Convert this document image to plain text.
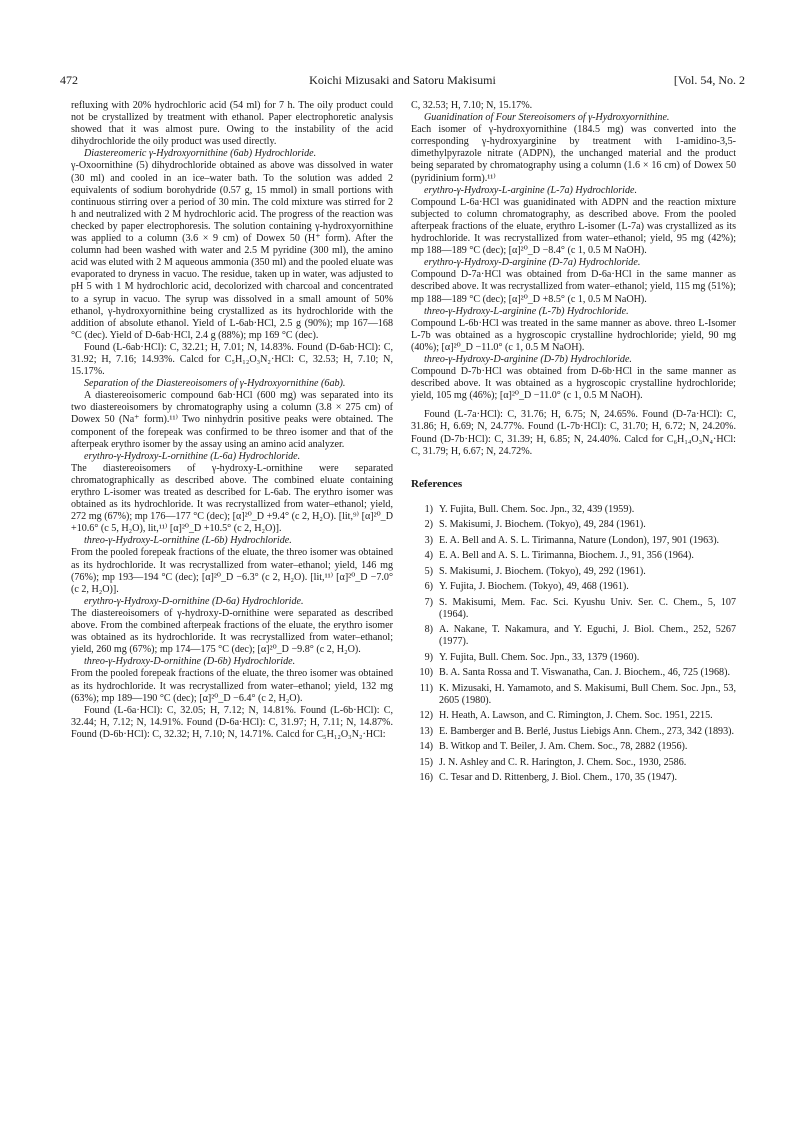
472	Koichi Mizusaki and Satoru Makisumi	[Vol. 54, No. 2

refluxing with 20% hydrochloric acid (54 ml) for 7 h. The oily product could not be crystallized by treatment with ethanol. Paper electrophoretic analysis showed that it was almost pure. Owing to the instability of the acid dihydrochloride the oily product was used directly.

Diastereomeric γ-Hydroxyornithine (6ab) Hydrochloride.

γ-Oxoornithine (5) dihydrochloride obtained as above was dissolved in water (30 ml) and cooled in an ice–water bath. To the solution was added 2 equivalents of sodium borohydride (0.57 g, 15 mmol) in small portions with continuous stirring over a period of 30 min. The cold mixture was stirred for 2 h and neutralized with 2 M hydrochloric acid. The progress of the reaction was checked by paper electrophoresis. The solution containing γ-hydroxyornithine was applied to a column (3.6 × 9 cm) of Dowex 50 (H⁺ form). After the column had been washed with water and 2.5 M pyridine (300 ml), the amino acid was eluted with 2 M aqueous ammonia (350 ml) and the pooled eluate was evaporated to dryness in vacuo. The residue, taken up in water, was adjusted to pH 5 with 1 M hydrochloric acid, decolorized with charcoal and concentrated to a syrup in vacuo. The syrup was dissolved in a small amount of 50% ethanol, γ-hydroxyornithine being crystallized as its hydrochloride with the addition of absolute ethanol. Yield of L-6ab·HCl, 2.5 g (90%); mp 167—168 °C (dec). Yield of D-6ab·HCl, 2.4 g (88%); mp 169 °C (dec).

Found (L-6ab·HCl): C, 32.21; H, 7.01; N, 14.83%. Found (D-6ab·HCl): C, 31.92; H, 7.16; 14.93%. Calcd for C₅H₁₂O₃N₂·HCl: C, 32.53; H, 7.10; N, 15.17%.

Separation of the Diastereoisomers of γ-Hydroxyornithine (6ab).

A diastereoisomeric compound 6ab·HCl (600 mg) was separated into its two diastereoisomers by chromatography using a column (3.8 × 275 cm) of Dowex 50 (Na⁺ form).¹¹⁾ Two ninhydrin positive peaks were obtained. The component of the forepeak was confirmed to be threo isomer and that of the afterpeak erythro isomer by the assay using an amino acid analyzer.

erythro-γ-Hydroxy-L-ornithine (L-6a) Hydrochloride.

The diastereoisomers of γ-hydroxy-L-ornithine were separated chromatographically as described above. The combined eluate containing erythro L-isomer was treated as described for L-6ab. The erythro isomer was obtained as its hydrochloride. It was recrystallized from water–ethanol; yield, 272 mg (67%); mp 176—177 °C (dec); [α]²⁰_D +9.4° (c 2, H₂O). [lit,⁹⁾ [α]²⁰_D +10.6° (c 5, H₂O), lit,¹¹⁾ [α]²⁰_D +10.5° (c 2, H₂O)].

threo-γ-Hydroxy-L-ornithine (L-6b) Hydrochloride.

From the pooled forepeak fractions of the eluate, the threo isomer was obtained as its hydrochloride. It was recrystallized from water–ethanol; yield, 146 mg (76%); mp 193—194 °C (dec); [α]²⁰_D −6.3° (c 2, H₂O). [lit,¹¹⁾ [α]²⁰_D −7.0° (c 2, H₂O)].

erythro-γ-Hydroxy-D-ornithine (D-6a) Hydrochloride.

The diastereoisomers of γ-hydroxy-D-ornithine were separated as described above. From the combined afterpeak fractions of the eluate, the erythro isomer was obtained as its hydrochloride. It was recrystallized from water–ethanol; yield, 260 mg (67%); mp 174—175 °C (dec); [α]²⁰_D −9.8° (c 2, H₂O).

threo-γ-Hydroxy-D-ornithine (D-6b) Hydrochloride.

From the pooled forepeak fractions of the eluate, the threo isomer was obtained as its hydrochloride. It was recrystallized from water–ethanol; yield, 132 mg (63%); mp 189—190 °C (dec); [α]²⁰_D −6.4° (c 2, H₂O).

Found (L-6a·HCl): C, 32.05; H, 7.12; N, 14.81%. Found (L-6b·HCl): C, 32.44; H, 7.12; N, 14.91%. Found (D-6a·HCl): C, 31.97; H, 7.11; N, 14.87%. Found (D-6b·HCl): C, 32.32; H, 7.10; N, 14.71%. Calcd for C₅H₁₂O₃N₂·HCl:

C, 32.53; H, 7.10; N, 15.17%.

Guanidination of Four Stereoisomers of γ-Hydroxyornithine.

Each isomer of γ-hydroxyornithine (184.5 mg) was converted into the corresponding γ-hydroxyarginine by treatment with 1-amidino-3,5-dimethylpyrazole nitrate (ADPN), the unchanged material and the product being separated by chromatography using a column (1.6 × 16 cm) of Dowex 50 (pyridinium form).¹¹⁾

erythro-γ-Hydroxy-L-arginine (L-7a) Hydrochloride.

Compound L-6a·HCl was guanidinated with ADPN and the reaction mixture subjected to column chromatography, as described above. From the pooled afterpeak fractions of the eluate, erythro L-isomer (L-7a) was crystallized as its hydrochloride. It was recrystallized from water–ethanol; yield, 95 mg (42%); mp 188—189 °C (dec); [α]²⁰_D −8.4° (c 1, 0.5 M NaOH).

erythro-γ-Hydroxy-D-arginine (D-7a) Hydrochloride.

Compound D-7a·HCl was obtained from D-6a·HCl in the same manner as described above. It was recrystallized from water–ethanol; yield, 115 mg (51%); mp 188—189 °C (dec); [α]²⁰_D +8.5° (c 1, 0.5 M NaOH).

threo-γ-Hydroxy-L-arginine (L-7b) Hydrochloride.

Compound L-6b·HCl was treated in the same manner as above. threo L-Isomer L-7b was obtained as a hygroscopic crystalline hydrochloride; yield, 90 mg (40%); [α]²⁰_D −11.0° (c 1, 0.5 M NaOH).

threo-γ-Hydroxy-D-arginine (D-7b) Hydrochloride.

Compound D-7b·HCl was obtained from D-6b·HCl in the same manner as described above. It was obtained as a hygroscopic crystalline hydrochloride; yield, 105 mg (46%); [α]²⁰_D −11.0° (c 1, 0.5 M NaOH).

Found (L-7a·HCl): C, 31.76; H, 6.75; N, 24.65%. Found (D-7a·HCl): C, 31.86; H, 6.69; N, 24.77%. Found (L-7b·HCl): C, 31.70; H, 6.72; N, 24.20%. Found (D-7b·HCl): C, 31.39; H, 6.85; N, 24.40%. Calcd for C₆H₁₄O₃N₄·HCl: C, 31.79; H, 6.67; N, 24.72%.

References
1) Y. Fujita, Bull. Chem. Soc. Jpn., 32, 439 (1959).
2) S. Makisumi, J. Biochem. (Tokyo), 49, 284 (1961).
3) E. A. Bell and A. S. L. Tirimanna, Nature (London), 197, 901 (1963).
4) E. A. Bell and A. S. L. Tirimanna, Biochem. J., 91, 356 (1964).
5) S. Makisumi, J. Biochem. (Tokyo), 49, 292 (1961).
6) Y. Fujita, J. Biochem. (Tokyo), 49, 468 (1961).
7) S. Makisumi, Mem. Fac. Sci. Kyushu Univ. Ser. C. Chem., 5, 107 (1964).
8) A. Nakane, T. Nakamura, and Y. Eguchi, J. Biol. Chem., 252, 5267 (1977).
9) Y. Fujita, Bull. Chem. Soc. Jpn., 33, 1379 (1960).
10) B. A. Santa Rossa and T. Viswanatha, Can. J. Biochem., 46, 725 (1968).
11) K. Mizusaki, H. Yamamoto, and S. Makisumi, Bull Chem. Soc. Jpn., 53, 2605 (1980).
12) H. Heath, A. Lawson, and C. Rimington, J. Chem. Soc. 1951, 2215.
13) E. Bamberger and B. Berlé, Justus Liebigs Ann. Chem., 273, 342 (1893).
14) B. Witkop and T. Beiler, J. Am. Chem. Soc., 78, 2882 (1956).
15) J. N. Ashley and C. R. Harington, J. Chem. Soc., 1930, 2586.
16) C. Tesar and D. Rittenberg, J. Biol. Chem., 170, 35 (1947).
